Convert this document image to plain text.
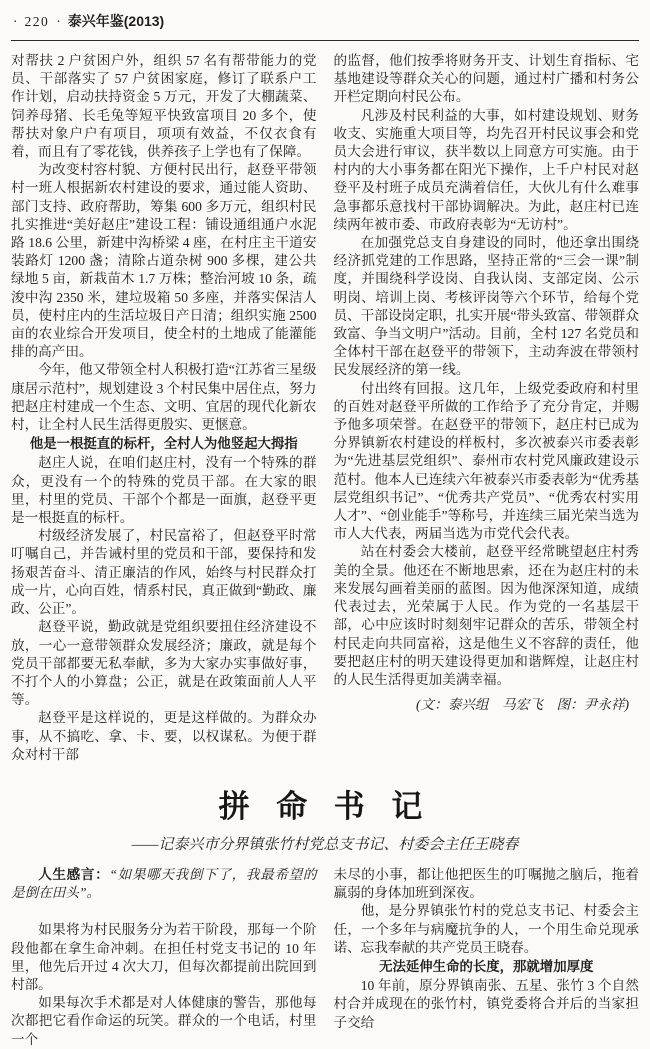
· 220 · 泰兴年鉴(2013)
对帮扶 2 户贫困户外，组织 57 名有帮带能力的党员、干部落实了 57 户贫困家庭，修订了联系户工作计划，启动扶持资金 5 万元，开发了大棚蔬菜、饲养母猪、长毛兔等短平快致富项目 20 多个，使帮扶对象户户有项目，项项有效益，不仅衣食有着，而且有了零花钱，供养孩子上学也有了保障。
为改变村容村貌、方便村民出行，赵登平带领村一班人根据新农村建设的要求，通过能人资助、部门支持、政府帮助，筹集 600 多万元，组织村民扎实推进“美好赵庄”建设工程：铺设通组通户水泥路 18.6 公里，新建中沟桥梁 4 座，在村庄主干道安装路灯 1200 盏；清除占道杂树 900 多棵，建公共绿地 5 亩，新栽苗木 1.7 万株；整治河坡 10 条，疏浚中沟 2350 米，建垃圾箱 50 多座，并落实保洁人员，使村庄内的生活垃圾日产日清；组织实施 2500 亩的农业综合开发项目，使全村的土地成了能灌能排的高产田。
今年，他又带领全村人积极打造“江苏省三星级康居示范村”，规划建设 3 个村民集中居住点，努力把赵庄村建成一个生态、文明、宜居的现代化新农村，让全村人民生活得更殷实、更惬意。
他是一根挺直的标杆，全村人为他竖起大拇指
赵庄人说，在咱们赵庄村，没有一个特殊的群众，更没有一个的特殊的党员干部。在大家的眼里，村里的党员、干部个个都是一面旗，赵登平更是一根挺直的标杆。
村级经济发展了，村民富裕了，但赵登平时常叮嘱自己，并告诫村里的党员和干部，要保持和发扬艰苦奋斗、清正廉洁的作风，始终与村民群众打成一片，心向百姓，情系村民，真正做到“勤政、廉政、公正”。
赵登平说，勤政就是党组织要扭住经济建设不放，一心一意带领群众发展经济；廉政，就是每个党员干部都要无私奉献，多为大家办实事做好事，不打个人的小算盘；公正，就是在政策面前人人平等。
赵登平是这样说的，更是这样做的。为群众办事，从不搞吃、拿、卡、要，以权谋私。为便于群众对村干部
的监督，他们按季将财务开支、计划生育指标、宅基地建设等群众关心的问题，通过村广播和村务公开栏定期向村民公布。
凡涉及村民利益的大事，如村建设规划、财务收支、实施重大项目等，均先召开村民议事会和党员大会进行审议，获半数以上同意方可实施。由于村内的大小事务都在阳光下操作，上千户村民对赵登平及村班子成员充满着信任，大伙儿有什么难事急事都乐意找村干部协调解决。为此，赵庄村已连续两年被市委、市政府表彰为“无访村”。
在加强党总支自身建设的同时，他还拿出围绕经济抓党建的工作思路，坚持正常的“三会一课”制度，并围绕科学设岗、自我认岗、支部定岗、公示明岗、培训上岗、考核评岗等六个环节，给每个党员、干部设岗定职，扎实开展“带头致富、带领群众致富、争当文明户”活动。目前，全村 127 名党员和全体村干部在赵登平的带领下，主动奔波在带领村民发展经济的第一线。
付出终有回报。这几年，上级党委政府和村里的百姓对赵登平所做的工作给予了充分肯定，并赐予他多项荣誉。在赵登平的带领下，赵庄村已成为分界镇新农村建设的样板村，多次被泰兴市委表彰为“先进基层党组织”、泰州市农村党风廉政建设示范村。他本人已连续六年被泰兴市委表彰为“优秀基层党组织书记”、“优秀共产党员”、“优秀农村实用人才”、“创业能手”等称号，并连续三届光荣当选为市人大代表，两届当选为市党代会代表。
站在村委会大楼前，赵登平经常眺望赵庄村秀美的全景。他还在不断地思索，还在为赵庄村的未来发展勾画着美丽的蓝图。因为他深深知道，成绩代表过去，光荣属于人民。作为党的一名基层干部，心中应该时时刻刻牢记群众的苦乐，带领全村村民走向共同富裕，这是他生义不容辞的责任，他要把赵庄村的明天建设得更加和谐辉煌，让赵庄村的人民生活得更加美满幸福。
(文：泰兴组　马宏飞　图：尹永祥)
拼 命 书 记
——记泰兴市分界镇张竹村党总支书记、村委会主任王晓春
人生感言：“如果哪天我倒下了，我最希望的是倒在田头”。
如果将为村民服务分为若干阶段，那每一个阶段他都在拿生命冲刺。在担任村党支书记的 10 年里，他先后开过 4 次大刀，但每次都提前出院回到村部。
如果每次手术都是对人体健康的警告，那他每次都把它看作命运的玩笑。群众的一个电话，村里一个
未尽的小事，都让他把医生的叮嘱抛之脑后，拖着羸弱的身体加班到深夜。
他，是分界镇张竹村的党总支书记、村委会主任，一个多年与病魔抗争的人，一个用生命兑现承诺、忘我奉献的共产党员王晓春。
无法延伸生命的长度，那就增加厚度
10 年前，原分界镇南张、五星、张竹 3 个自然村合并成现在的张竹村，镇党委将合并后的当家担子交给
